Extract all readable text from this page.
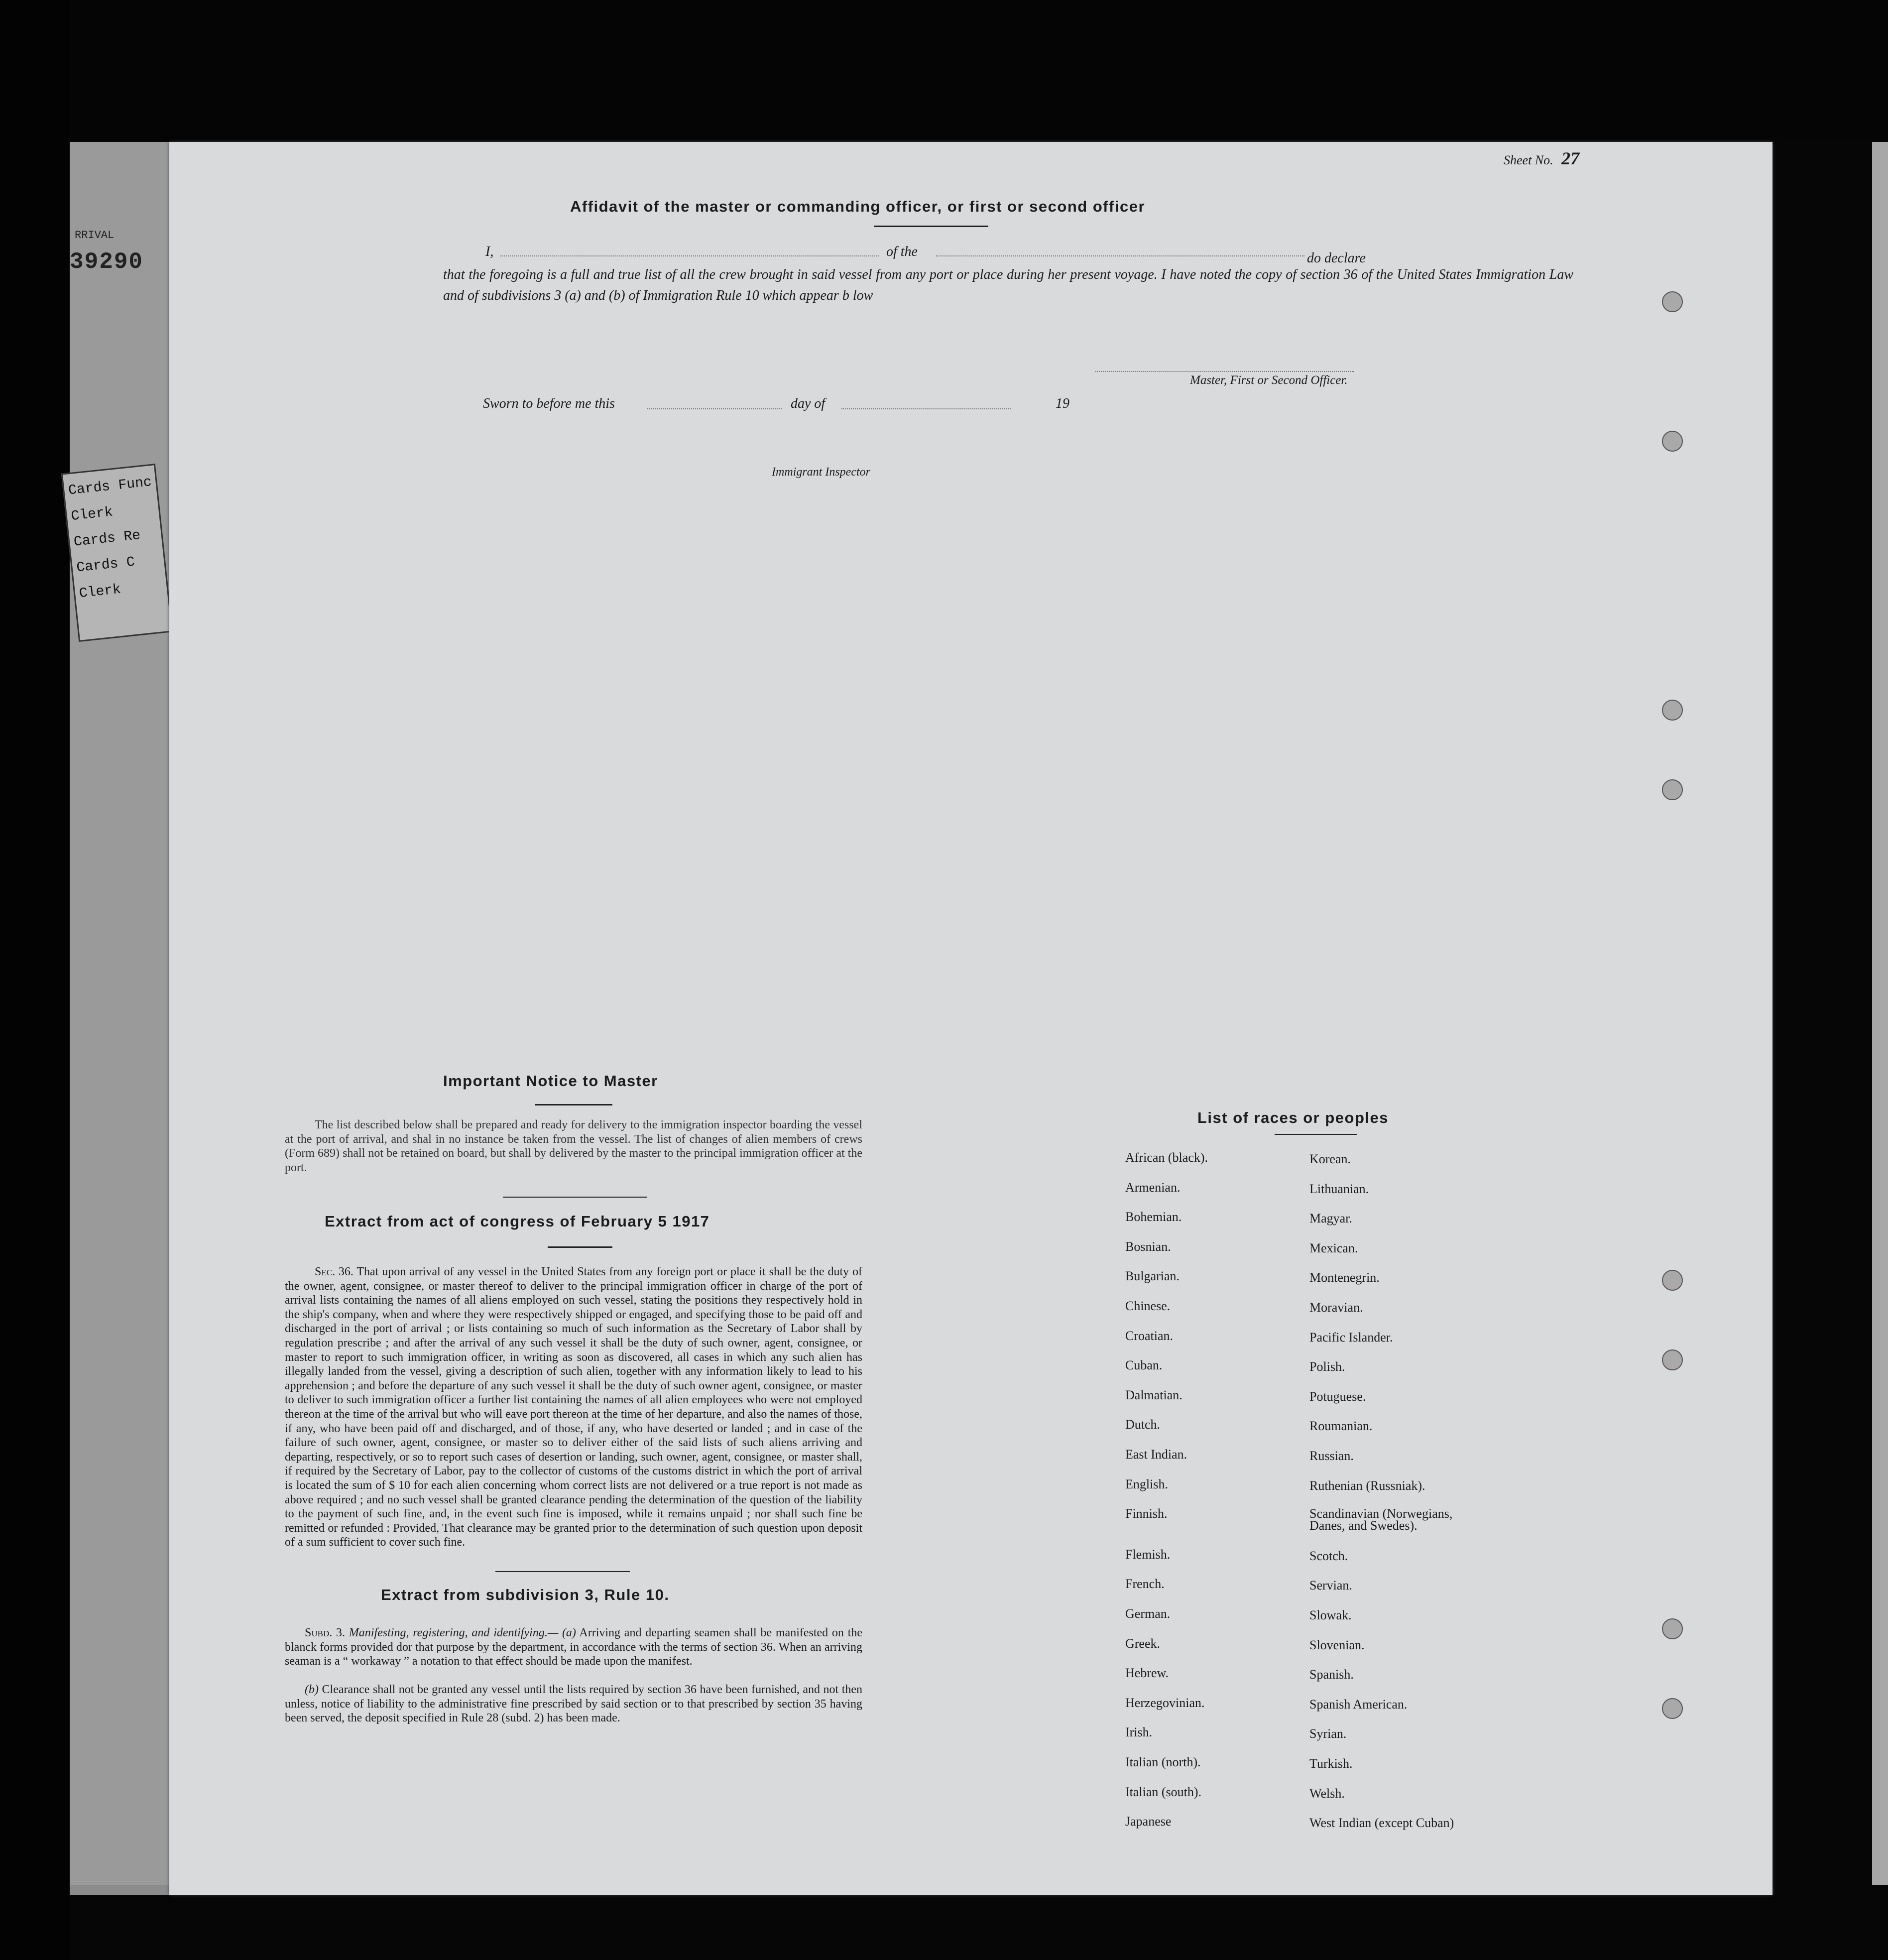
RRIVAL
39290
Cards Func
Clerk
Cards Re
Cards C
Clerk
Sheet No. 27
Affidavit of the master or commanding officer, or first or second officer
I,	of the	do declare
that the foregoing is a full and true list of all the crew brought in said vessel from any port or place during her present voyage. I have noted the copy of section 36 of the United States Immigration Law and of subdivisions 3 (a) and (b) of Immigration Rule 10 which appear b low
Master, First or Second Officer.
Sworn to before me this	day of	19
Immigrant Inspector
Important Notice to Master
The list described below shall be prepared and ready for delivery to the immigration inspector boarding the vessel at the port of arrival, and shal in no instance be taken from the vessel. The list of changes of alien members of crews (Form 689) shall not be retained on board, but shall by delivered by the master to the principal immigration officer at the port.
Extract from act of congress of February 5 1917
Sec. 36. That upon arrival of any vessel in the United States from any foreign port or place it shall be the duty of the owner, agent, consignee, or master thereof to deliver to the principal immigration officer in charge of the port of arrival lists containing the names of all aliens employed on such vessel, stating the positions they respectively hold in the ship's company, when and where they were respectively shipped or engaged, and specifying those to be paid off and discharged in the port of arrival ; or lists containing so much of such information as the Secretary of Labor shall by regulation prescribe ; and after the arrival of any such vessel it shall be the duty of such owner, agent, consignee, or master to report to such immigration officer, in writing as soon as discovered, all cases in which any such alien has illegally landed from the vessel, giving a description of such alien, together with any information likely to lead to his apprehension ; and before the departure of any such vessel it shall be the duty of such owner agent, consignee, or master to deliver to such immigration officer a further list containing the names of all alien employees who were not employed thereon at the time of the arrival but who will eave port thereon at the time of her departure, and also the names of those, if any, who have been paid off and discharged, and of those, if any, who have deserted or landed ; and in case of the failure of such owner, agent, consignee, or master so to deliver either of the said lists of such aliens arriving and departing, respectively, or so to report such cases of desertion or landing, such owner, agent, consignee, or master shall, if required by the Secretary of Labor, pay to the collector of customs of the customs district in which the port of arrival is located the sum of $ 10 for each alien concerning whom correct lists are not delivered or a true report is not made as above required ; and no such vessel shall be granted clearance pending the determination of the question of the liability to the payment of such fine, and, in the event such fine is imposed, while it remains unpaid ; nor shall such fine be remitted or refunded : Provided, That clearance may be granted prior to the determination of such question upon deposit of a sum sufficient to cover such fine.
Extract from subdivision 3, Rule 10.
Subd. 3. Manifesting, registering, and identifying.— (a) Arriving and departing seamen shall be manifested on the blanck forms provided dor that purpose by the department, in accordance with the terms of section 36. When an arriving seaman is a “ workaway ” a notation to that effect should be made upon the manifest.
(b) Clearance shall not be granted any vessel until the lists required by section 36 have been furnished, and not then unless, notice of liability to the administrative fine prescribed by said section or to that prescribed by section 35 having been served, the deposit specified in Rule 28 (subd. 2) has been made.
List of races or peoples
African (black).
Armenian.
Bohemian.
Bosnian.
Bulgarian.
Chinese.
Croatian.
Cuban.
Dalmatian.
Dutch.
East Indian.
English.
Finnish.
Flemish.
French.
German.
Greek.
Hebrew.
Herzegovinian.
Irish.
Italian (north).
Italian (south).
Japanese
Korean.
Lithuanian.
Magyar.
Mexican.
Montenegrin.
Moravian.
Pacific Islander.
Polish.
Potuguese.
Roumanian.
Russian.
Ruthenian (Russniak).
Scandinavian (Norwegians, Danes, and Swedes).
Scotch.
Servian.
Slowak.
Slovenian.
Spanish.
Spanish American.
Syrian.
Turkish.
Welsh.
West Indian (except Cuban)
